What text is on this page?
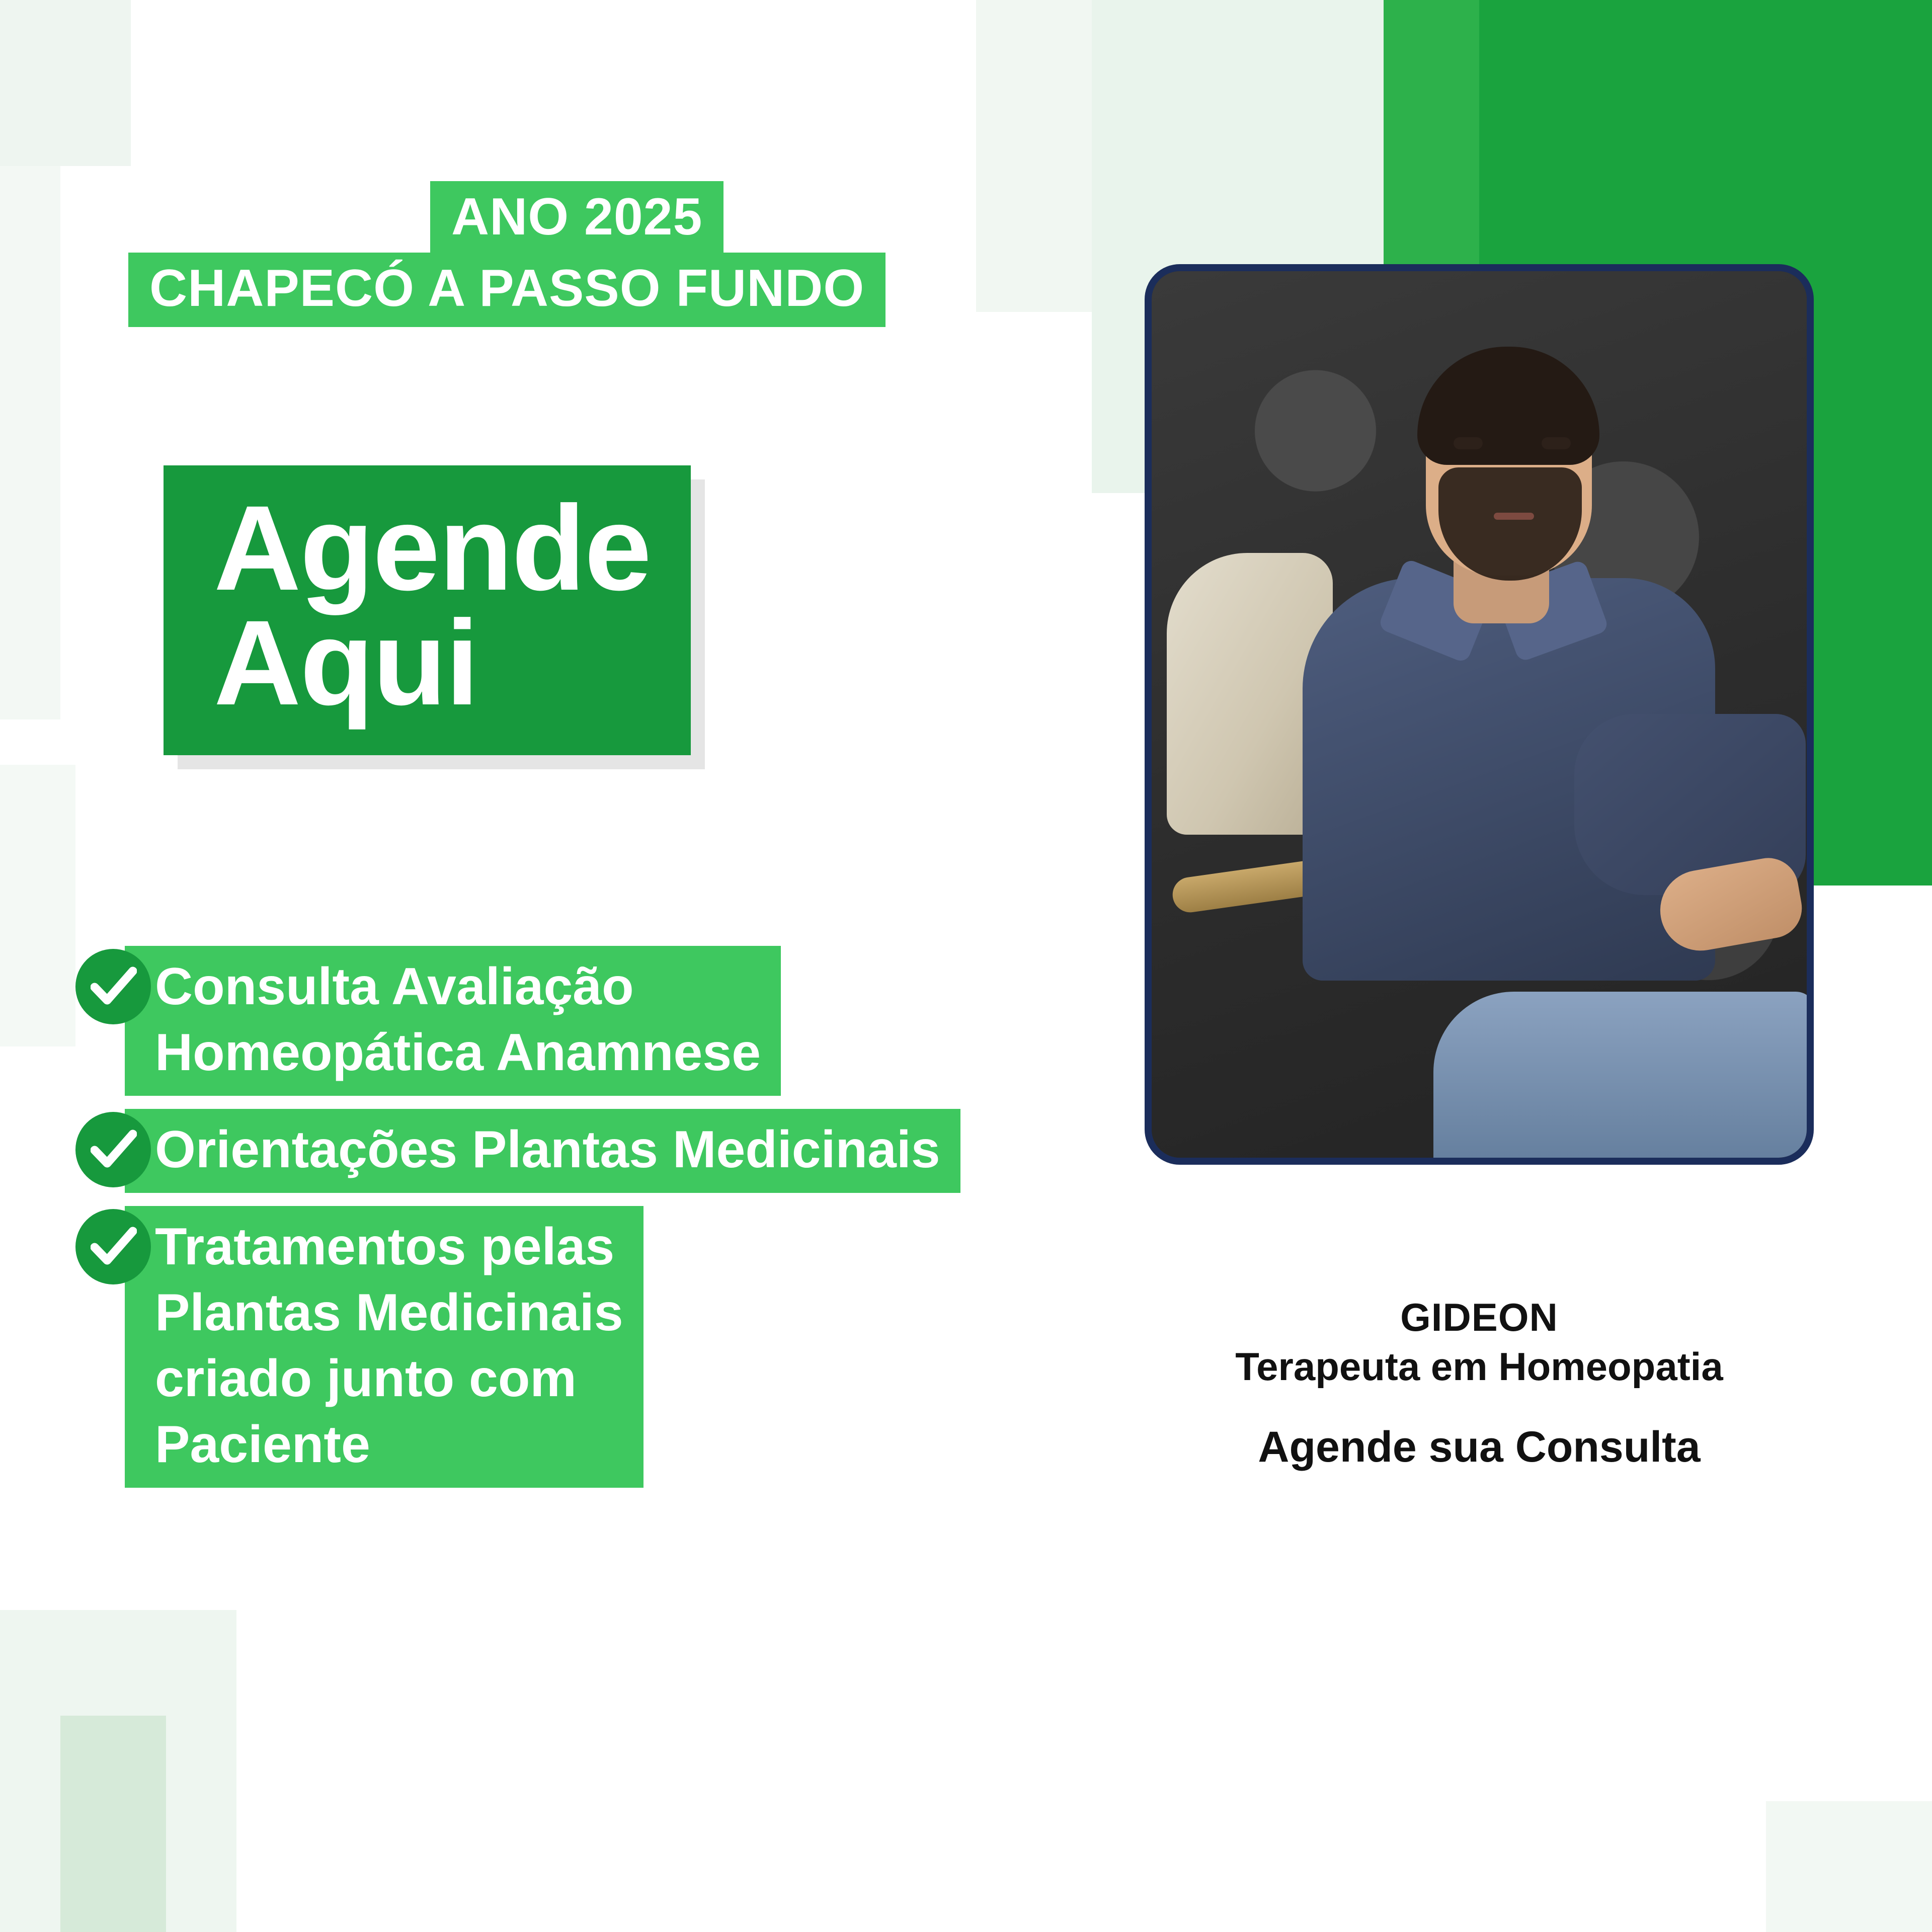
ANO 2025 CHAPECÓ A PASSO FUNDO
Agende
Aqui
Consulta Avaliação
Homeopática Anamnese
Orientações Plantas Medicinais
Tratamentos pelas
Plantas Medicinais
criado junto com
Paciente
GIDEON
Terapeuta em Homeopatia
Agende sua Consulta
